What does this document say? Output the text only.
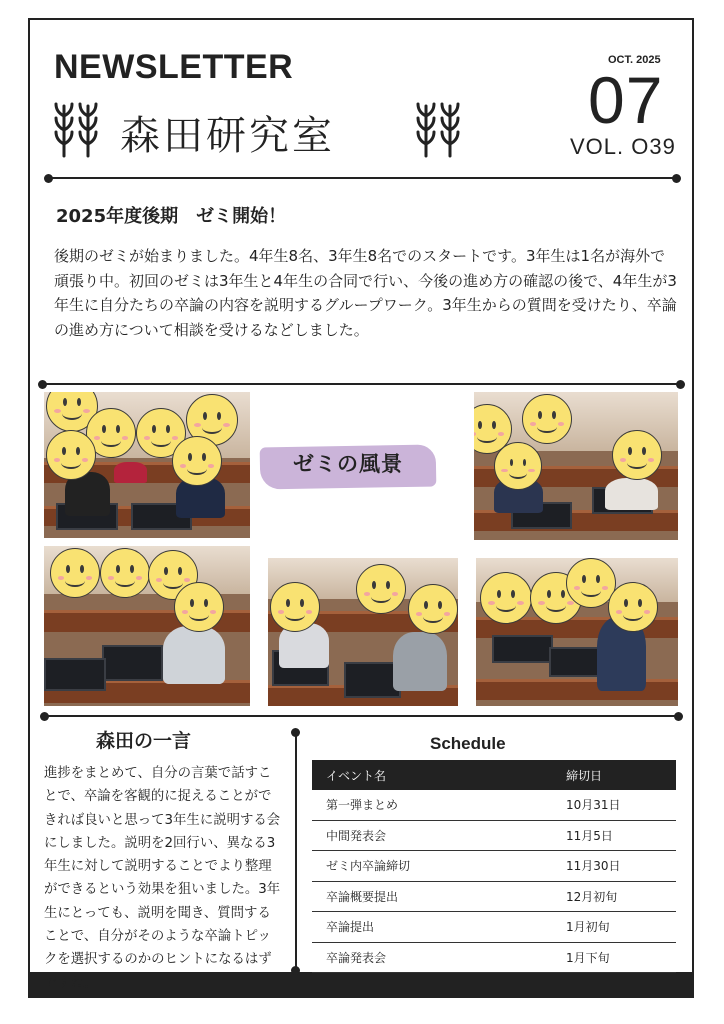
NEWSLETTER
森田研究室
OCT. 2025
07
VOL. O39
2025年度後期　ゼミ開始！
後期のゼミが始まりました。4年生8名、3年生8名でのスタートです。3年生は1名が海外で頑張り中。初回のゼミは3年生と4年生の合同で行い、今後の進め方の確認の後で、4年生が3年生に自分たちの卒論の内容を説明するグループワーク。3年生からの質問を受けたり、卒論の進め方について相談を受けるなどしました。
ゼミの風景
森田の一言
進捗をまとめて、自分の言葉で話すことで、卒論を客観的に捉えることができれば良いと思って3年生に説明する会にしました。説明を2回行い、異なる3年生に対して説明することでより整理ができるという効果を狙いました。3年生にとっても、説明を聞き、質問することで、自分がそのような卒論トピックを選択するのかのヒントになるはずですね。
Schedule
イベント名	締切日
第一弾まとめ	10月31日
中間発表会	11月5日
ゼミ内卒論締切	11月30日
卒論概要提出	12月初旬
卒論提出	1月初旬
卒論発表会	1月下旬
